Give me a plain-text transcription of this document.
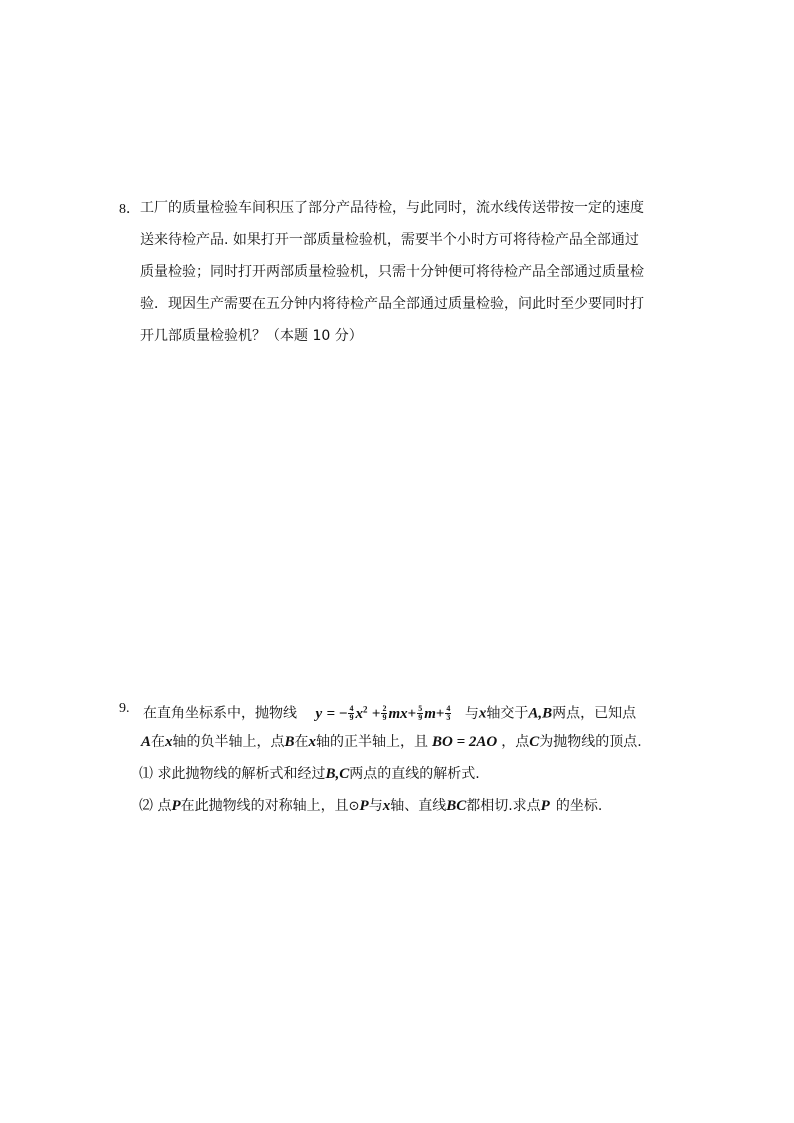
8． 工厂的质量检验车间积压了部分产品待检，与此同时，流水线传送带按一定的速度
送来待检产品. 如果打开一部质量检验机，需要半个小时方可将待检产品全部通过
质量检验；同时打开两部质量检验机，只需十分钟便可将待检产品全部通过质量检
验．现因生产需要在五分钟内将待检产品全部通过质量检验，问此时至少要同时打
开几部质量检验机？（本题 10 分）
9. 在直角坐标系中，抛物线 y = − $\frac{4}{9} x^2 + \frac{2}{9} mx+ \frac{5}{9} m+ \frac{4}{3}$ 与x轴交于A,B两点，已知点
A在x轴的负半轴上，点B在x轴的正半轴上，且 BO = 2AO ，点C为抛物线的顶点.
⑴ 求此抛物线的解析式和经过B,C两点的直线的解析式.
⑵ 点P在此抛物线的对称轴上，且⊙P与x轴、直线BC都相切.求点P 的坐标.
